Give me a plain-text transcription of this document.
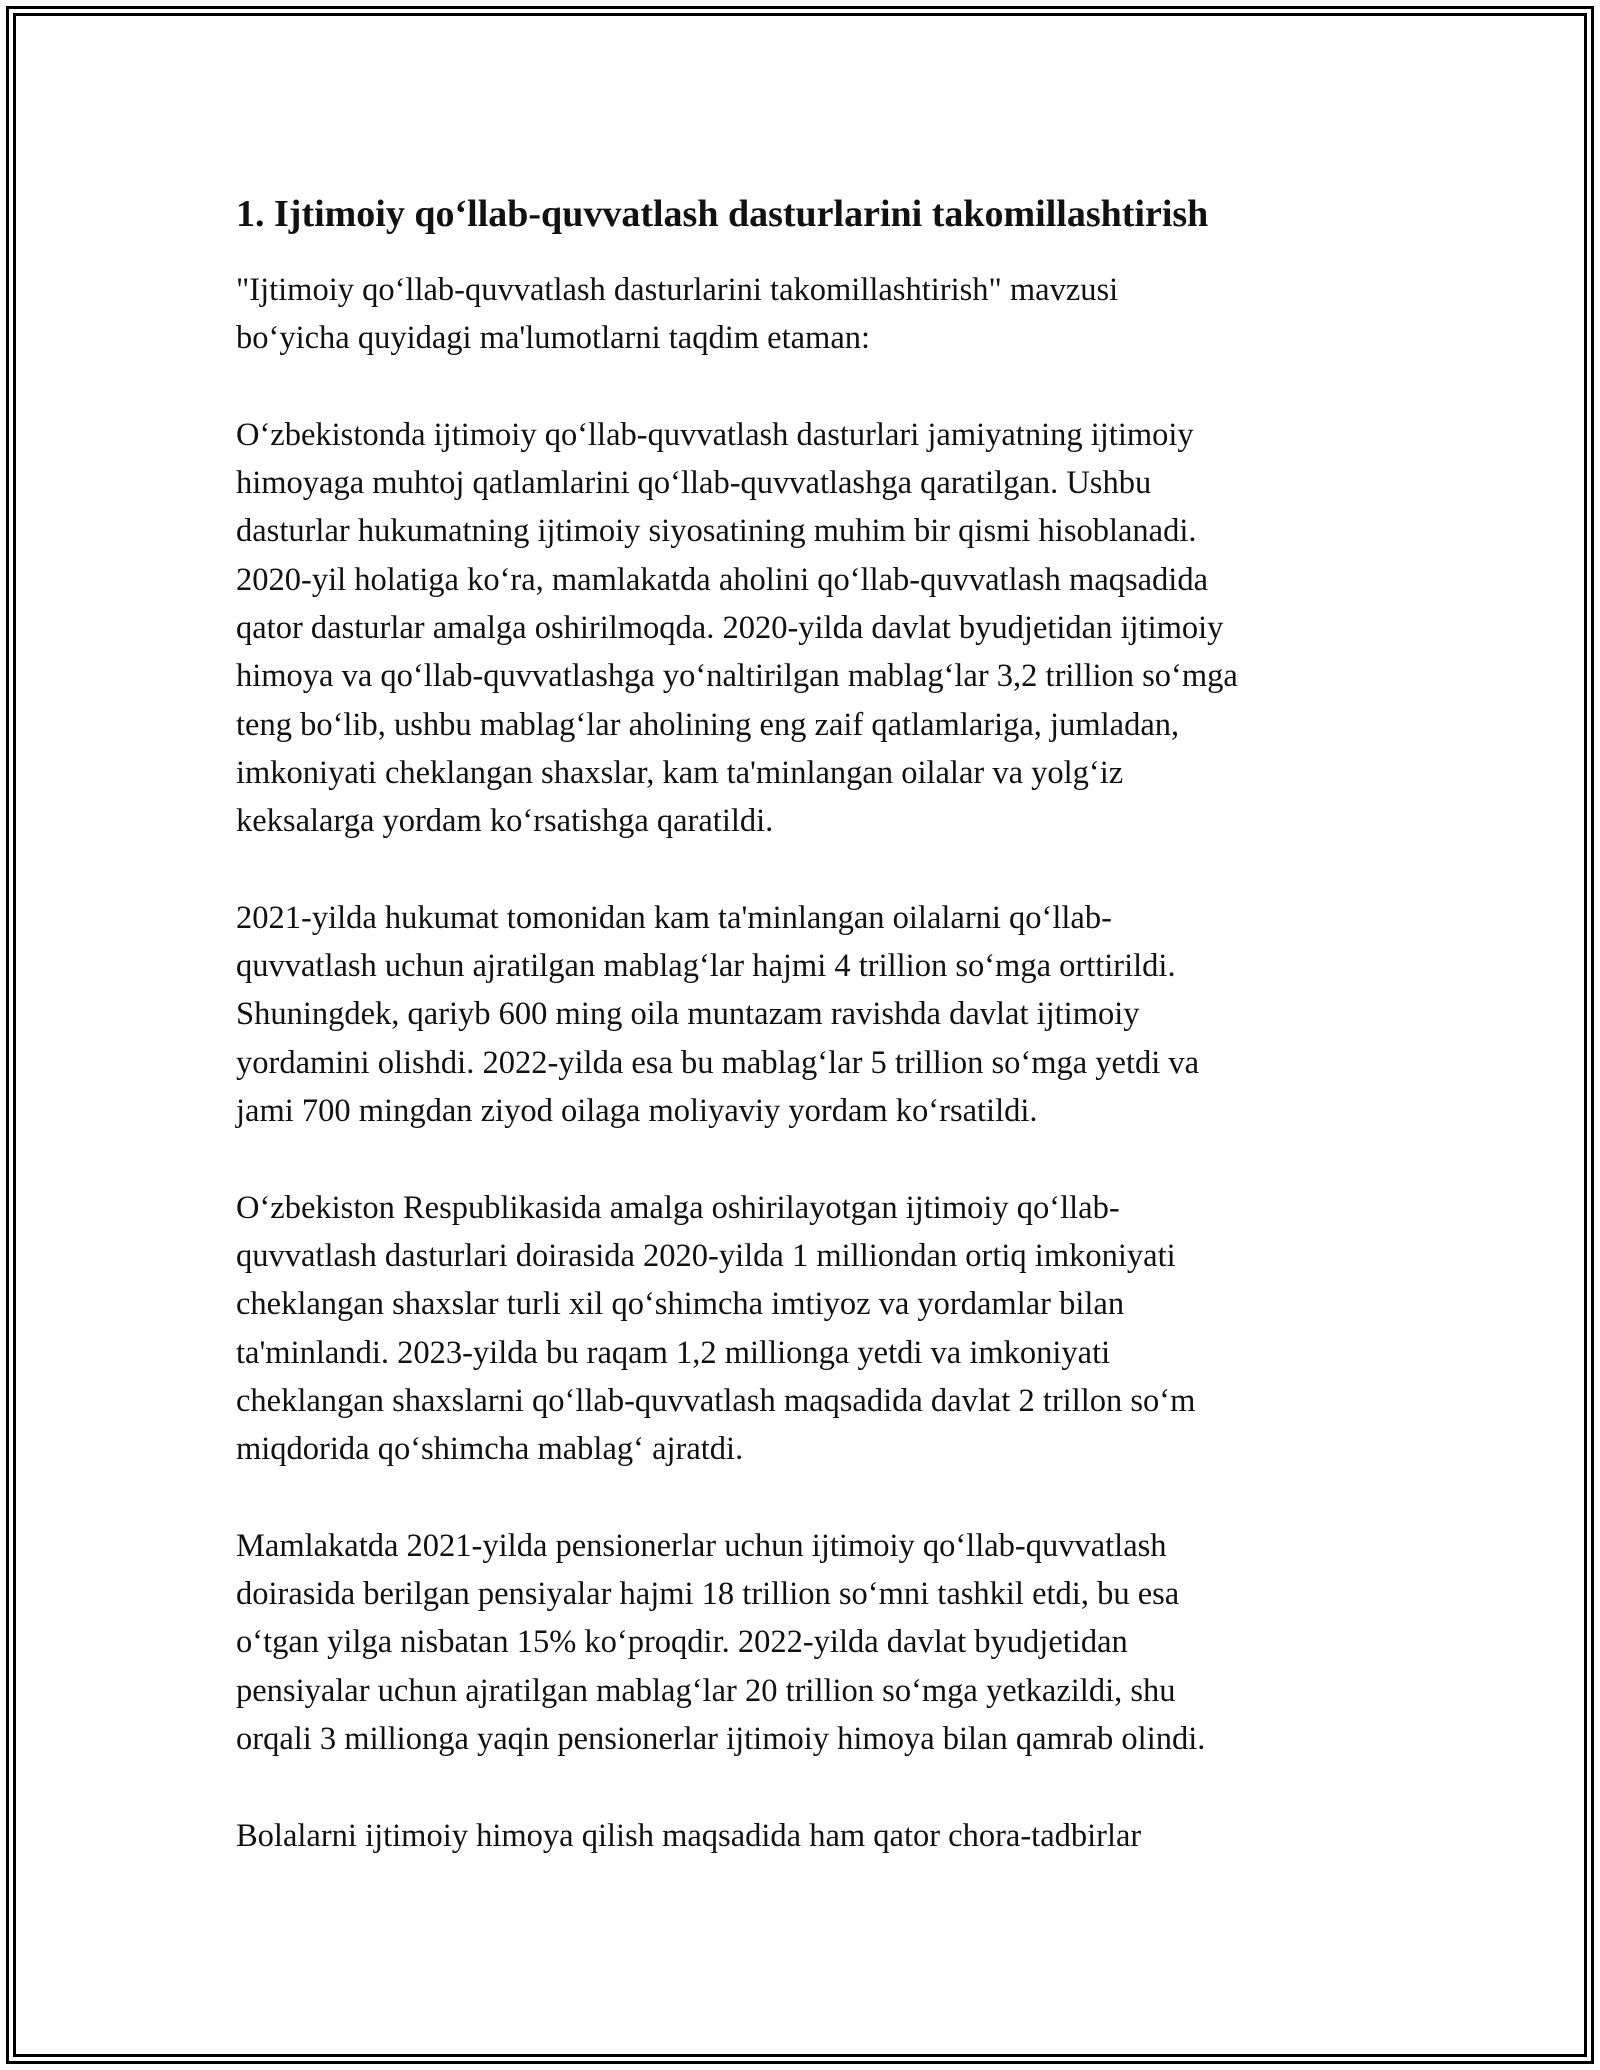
1. Ijtimoiy qo‘llab-quvvatlash dasturlarini takomillashtirish
"Ijtimoiy qo‘llab-quvvatlash dasturlarini takomillashtirish" mavzusi
bo‘yicha quyidagi ma'lumotlarni taqdim etaman:
O‘zbekistonda ijtimoiy qo‘llab-quvvatlash dasturlari jamiyatning ijtimoiy
himoyaga muhtoj qatlamlarini qo‘llab-quvvatlashga qaratilgan. Ushbu
dasturlar hukumatning ijtimoiy siyosatining muhim bir qismi hisoblanadi.
2020-yil holatiga ko‘ra, mamlakatda aholini qo‘llab-quvvatlash maqsadida
qator dasturlar amalga oshirilmoqda. 2020-yilda davlat byudjetidan ijtimoiy
himoya va qo‘llab-quvvatlashga yo‘naltirilgan mablag‘lar 3,2 trillion so‘mga
teng bo‘lib, ushbu mablag‘lar aholining eng zaif qatlamlariga, jumladan,
imkoniyati cheklangan shaxslar, kam ta'minlangan oilalar va yolg‘iz
keksalarga yordam ko‘rsatishga qaratildi.
2021-yilda hukumat tomonidan kam ta'minlangan oilalarni qo‘llab-
quvvatlash uchun ajratilgan mablag‘lar hajmi 4 trillion so‘mga orttirildi.
Shuningdek, qariyb 600 ming oila muntazam ravishda davlat ijtimoiy
yordamini olishdi. 2022-yilda esa bu mablag‘lar 5 trillion so‘mga yetdi va
jami 700 mingdan ziyod oilaga moliyaviy yordam ko‘rsatildi.
O‘zbekiston Respublikasida amalga oshirilayotgan ijtimoiy qo‘llab-
quvvatlash dasturlari doirasida 2020-yilda 1 milliondan ortiq imkoniyati
cheklangan shaxslar turli xil qo‘shimcha imtiyoz va yordamlar bilan
ta'minlandi. 2023-yilda bu raqam 1,2 millionga yetdi va imkoniyati
cheklangan shaxslarni qo‘llab-quvvatlash maqsadida davlat 2 trillon so‘m
miqdorida qo‘shimcha mablag‘ ajratdi.
Mamlakatda 2021-yilda pensionerlar uchun ijtimoiy qo‘llab-quvvatlash
doirasida berilgan pensiyalar hajmi 18 trillion so‘mni tashkil etdi, bu esa
o‘tgan yilga nisbatan 15% ko‘proqdir. 2022-yilda davlat byudjetidan
pensiyalar uchun ajratilgan mablag‘lar 20 trillion so‘mga yetkazildi, shu
orqali 3 millionga yaqin pensionerlar ijtimoiy himoya bilan qamrab olindi.
Bolalarni ijtimoiy himoya qilish maqsadida ham qator chora-tadbirlar
